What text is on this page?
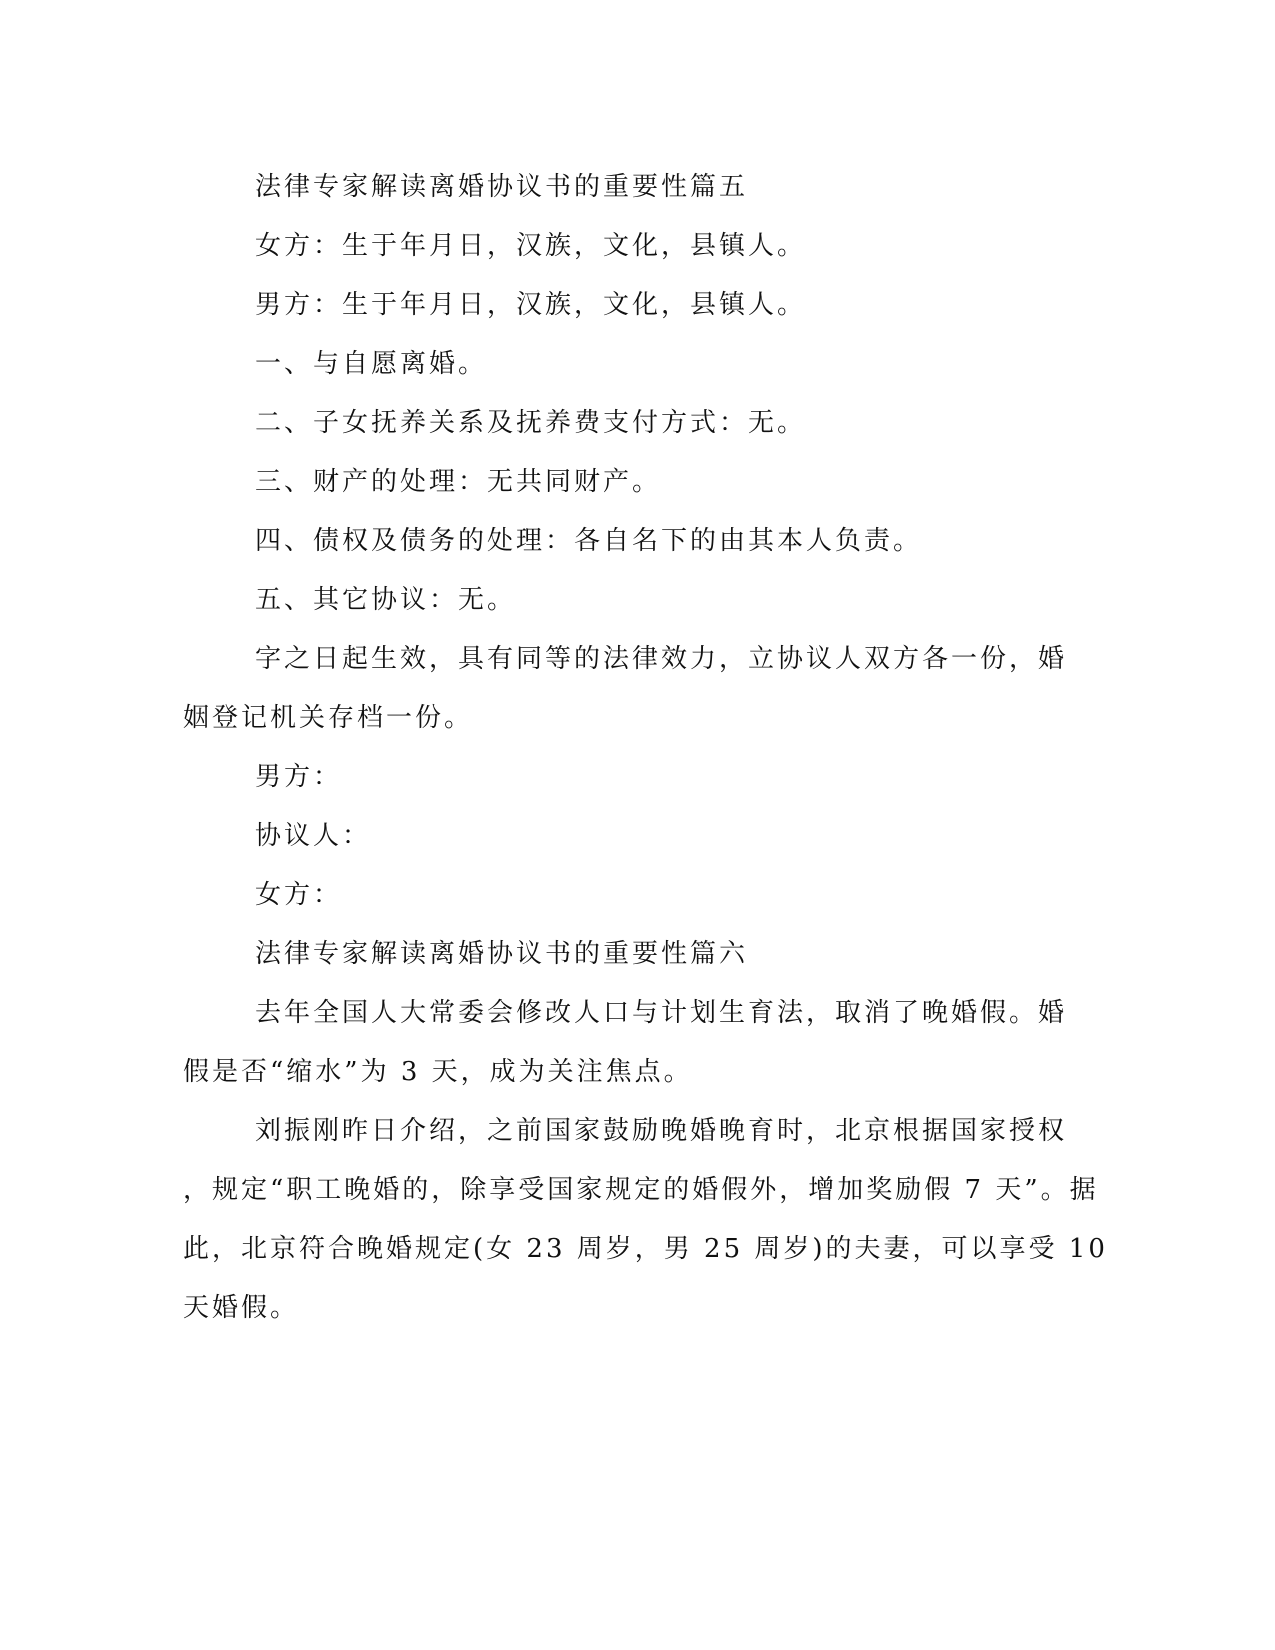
法律专家解读离婚协议书的重要性篇五
女方：生于年月日，汉族，文化，县镇人。
男方：生于年月日，汉族，文化，县镇人。
一、与自愿离婚。
二、子女抚养关系及抚养费支付方式：无。
三、财产的处理：无共同财产。
四、债权及债务的处理：各自名下的由其本人负责。
五、其它协议：无。
字之日起生效，具有同等的法律效力，立协议人双方各一份，婚
姻登记机关存档一份。
男方：
协议人：
女方：
法律专家解读离婚协议书的重要性篇六
去年全国人大常委会修改人口与计划生育法，取消了晚婚假。婚
假是否“缩水”为 3 天，成为关注焦点。
刘振刚昨日介绍，之前国家鼓励晚婚晚育时，北京根据国家授权
，规定“职工晚婚的，除享受国家规定的婚假外，增加奖励假 7 天”。据
此，北京符合晚婚规定(女 23 周岁，男 25 周岁)的夫妻，可以享受 10
天婚假。
